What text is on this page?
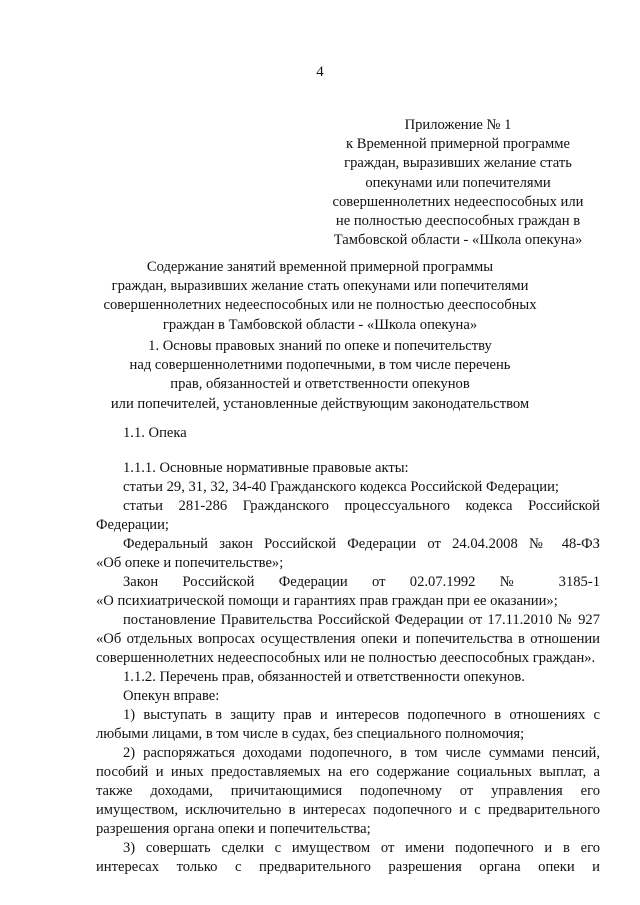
4
Приложение № 1
к Временной примерной программе
граждан, выразивших желание стать
опекунами или попечителями
совершеннолетних недееспособных или
не полностью дееспособных граждан в
Тамбовской области - «Школа опекуна»
Содержание занятий временной примерной программы
граждан, выразивших желание стать опекунами или попечителями
совершеннолетних недееспособных или не полностью дееспособных
граждан в Тамбовской области - «Школа опекуна»
1. Основы правовых знаний по опеке и попечительству
над совершеннолетними подопечными, в том числе перечень
прав, обязанностей и ответственности опекунов
или попечителей, установленные действующим законодательством
1.1. Опека
1.1.1. Основные нормативные правовые акты:
статьи 29, 31, 32, 34-40 Гражданского кодекса Российской Федерации;
статьи 281-286 Гражданского процессуального кодекса Российской Федерации;
Федеральный закон Российской Федерации от 24.04.2008 № 48-ФЗ
«Об опеке и попечительстве»;
Закон Российской Федерации от 02.07.1992 № 3185-1
«О психиатрической помощи и гарантиях прав граждан при ее оказании»;
постановление Правительства Российской Федерации от 17.11.2010 № 927 «Об отдельных вопросах осуществления опеки и попечительства в отношении совершеннолетних недееспособных или не полностью дееспособных граждан».
1.1.2. Перечень прав, обязанностей и ответственности опекунов.
Опекун вправе:
1) выступать в защиту прав и интересов подопечного в отношениях с любыми лицами, в том числе в судах, без специального полномочия;
2) распоряжаться доходами подопечного, в том числе суммами пенсий, пособий и иных предоставляемых на его содержание социальных выплат, а также доходами, причитающимися подопечному от управления его имуществом, исключительно в интересах подопечного и с предварительного разрешения органа опеки и попечительства;
3) совершать сделки с имуществом от имени подопечного и в его
интересах только с предварительного разрешения органа опеки и
